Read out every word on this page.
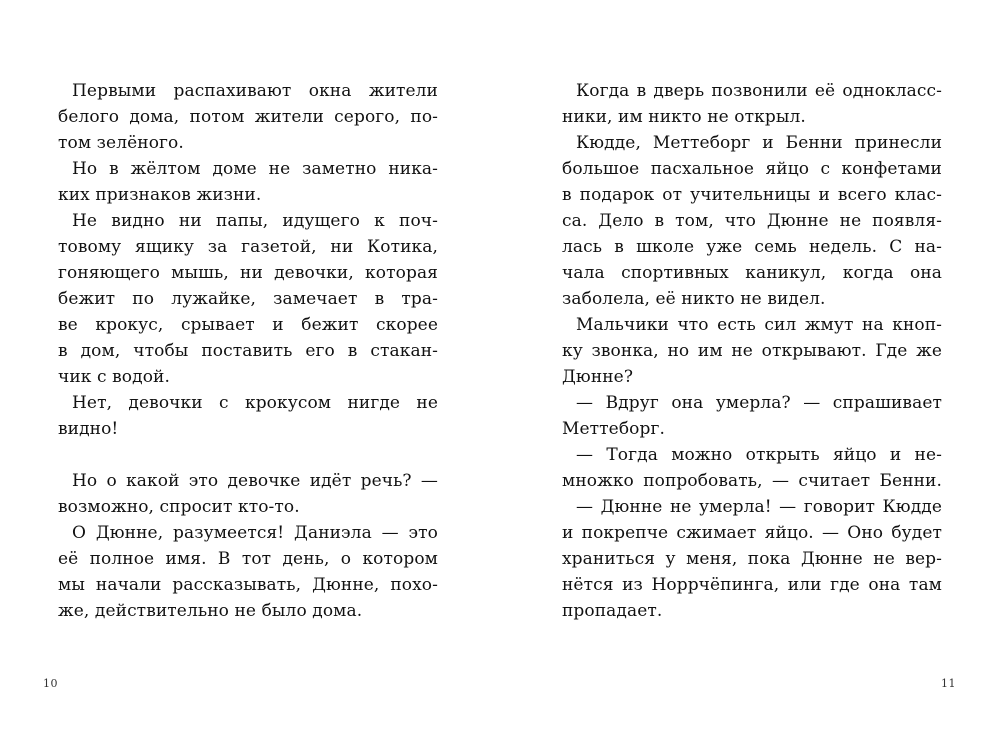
Первыми распахивают окна жители
белого дома, потом жители серого, по-
том зелёного.
Но в жёлтом доме не заметно ника-
ких признаков жизни.
Не видно ни папы, идущего к поч-
товому ящику за газетой, ни Котика,
гоняющего мышь, ни девочки, которая
бежит по лужайке, замечает в тра-
ве крокус, срывает и бежит скорее
в дом, чтобы поставить его в стакан-
чик с водой.
Нет, девочки с крокусом нигде не
видно!
Но о какой это девочке идёт речь? —
возможно, спросит кто-то.
О Дюнне, разумеется! Даниэла — это
её полное имя. В тот день, о котором
мы начали рассказывать, Дюнне, похо-
же, действительно не было дома.
10
Когда в дверь позвонили её однокласс-
ники, им никто не открыл.
Кюдде, Меттеборг и Бенни принесли
большое пасхальное яйцо с конфетами
в подарок от учительницы и всего клас-
са. Дело в том, что Дюнне не появля-
лась в школе уже семь недель. С на-
чала спортивных каникул, когда она
заболела, её никто не видел.
Мальчики что есть сил жмут на кноп-
ку звонка, но им не открывают. Где же
Дюнне?
— Вдруг она умерла? — спрашивает
Меттеборг.
— Тогда можно открыть яйцо и не-
множко попробовать, — считает Бенни.
— Дюнне не умерла! — говорит Кюдде
и покрепче сжимает яйцо. — Оно будет
храниться у меня, пока Дюнне не вер-
нётся из Норрчёпинга, или где она там
пропадает.
11
